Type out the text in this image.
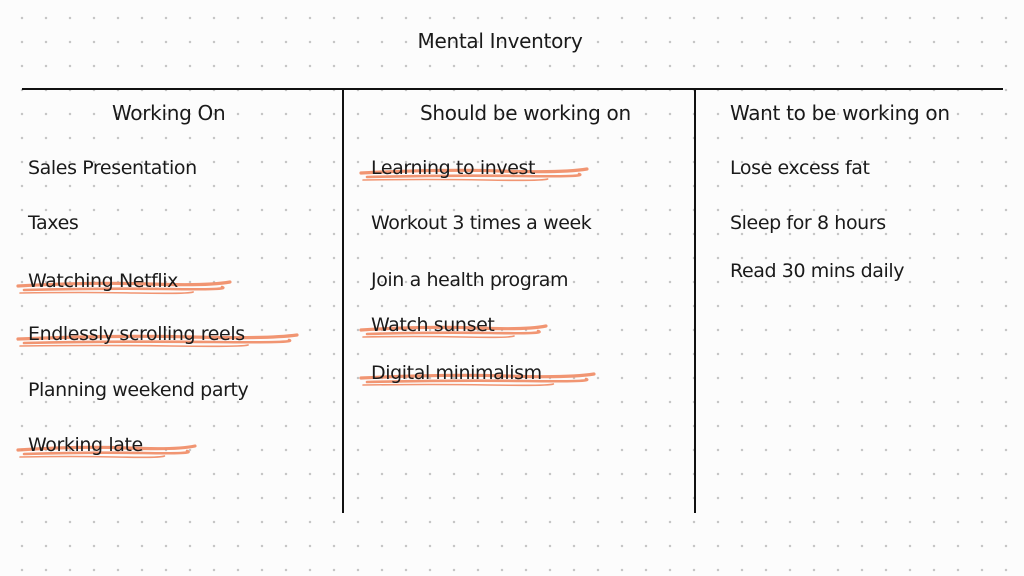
Mental Inventory
Working On	Should be working on	Want to be working on
Sales Presentation
Taxes
Watching Netflix
Endlessly scrolling reels
Planning weekend party
Working late
Learning to invest
Workout 3 times a week
Join a health program
Watch sunset
Digital minimalism
Lose excess fat
Sleep for 8 hours
Read 30 mins daily
